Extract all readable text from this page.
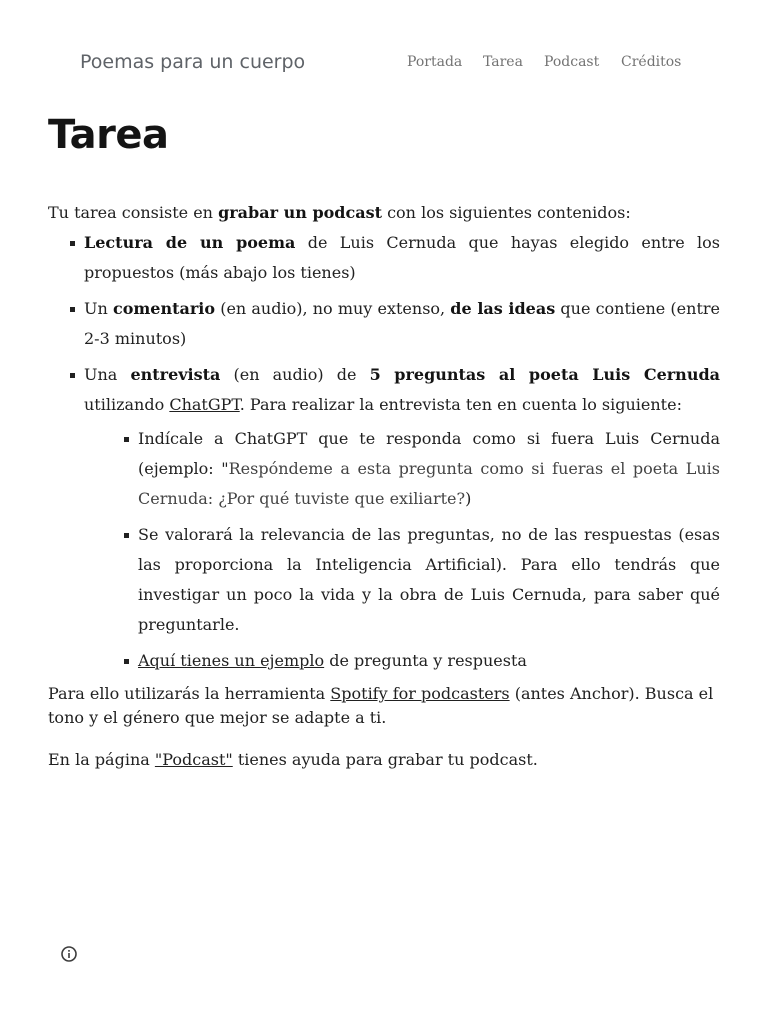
Poemas para un cuerpo	Portada Tarea Podcast Créditos
Tarea

Tu tarea consiste en grabar un podcast con los siguientes contenidos:

Lectura de un poema de Luis Cernuda que hayas elegido entre los propuestos (más abajo los tienes)
Un comentario (en audio), no muy extenso, de las ideas que contiene (entre 2-3 minutos)
Una entrevista (en audio) de 5 preguntas al poeta Luis Cernuda utilizando ChatGPT. Para realizar la entrevista ten en cuenta lo siguiente:
Indícale a ChatGPT que te responda como si fuera Luis Cernuda (ejemplo: "Respóndeme a esta pregunta como si fueras el poeta Luis Cernuda: ¿Por qué tuviste que exiliarte?)
Se valorará la relevancia de las preguntas, no de las respuestas (esas las proporciona la Inteligencia Artificial). Para ello tendrás que investigar un poco la vida y la obra de Luis Cernuda, para saber qué preguntarle.
Aquí tienes un ejemplo de pregunta y respuesta

Para ello utilizarás la herramienta Spotify for podcasters (antes Anchor). Busca el tono y el género que mejor se adapte a ti.

En la página "Podcast" tienes ayuda para grabar tu podcast.
